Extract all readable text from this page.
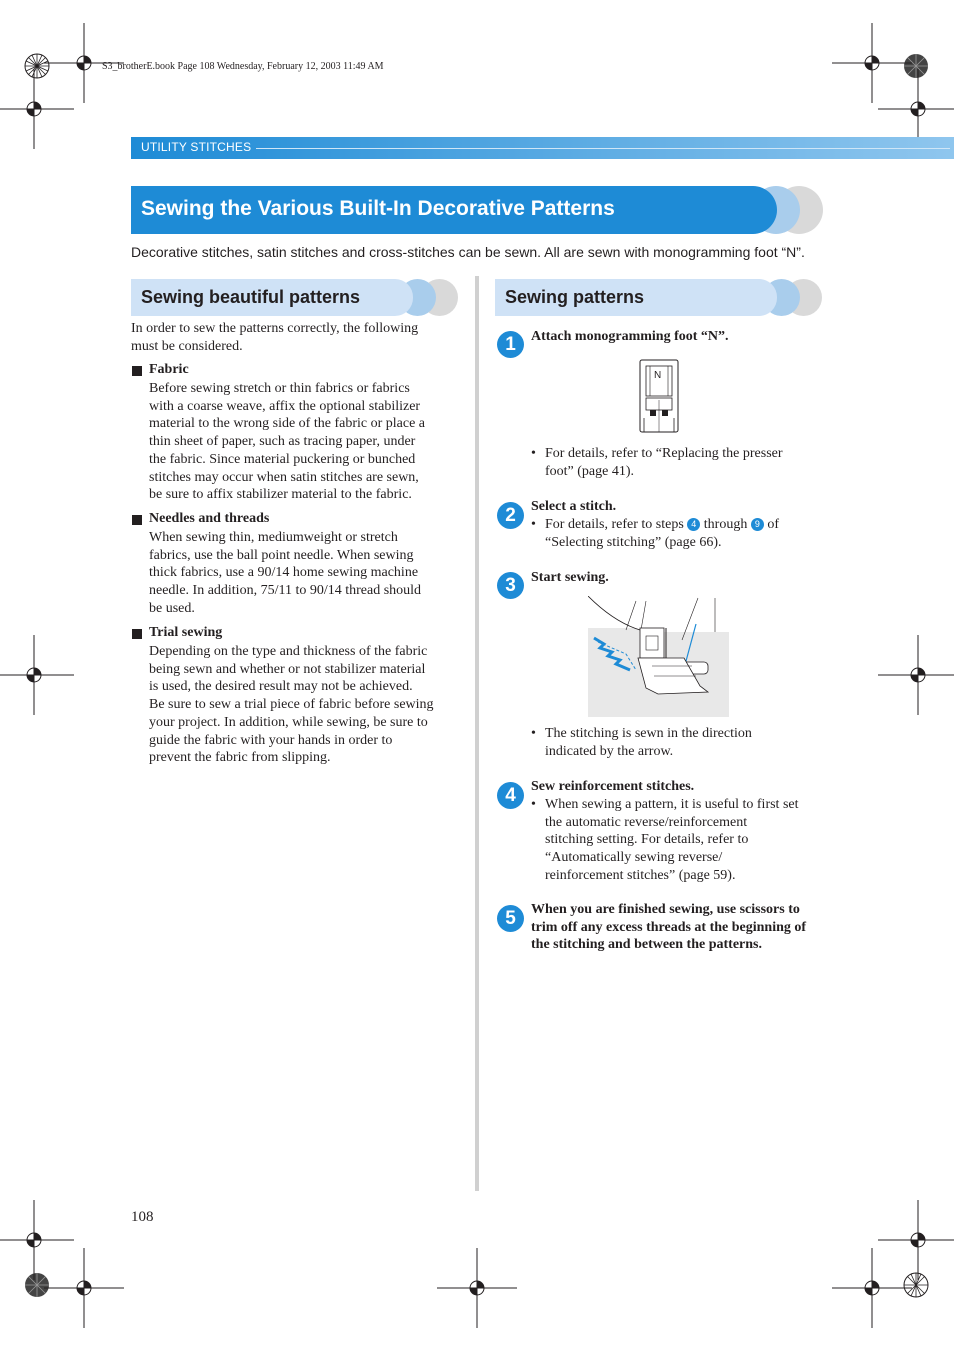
S3_brotherE.book Page 108 Wednesday, February 12, 2003 11:49 AM
UTILITY STITCHES
Sewing the Various Built-In Decorative Patterns
Decorative stitches, satin stitches and cross-stitches can be sewn. All are sewn with monogramming foot “N”.
Sewing beautiful patterns
In order to sew the patterns correctly, the following
must be considered.
Fabric
Before sewing stretch or thin fabrics or fabrics
with a coarse weave, affix the optional stabilizer
material to the wrong side of the fabric or place a
thin sheet of paper, such as tracing paper, under
the fabric. Since material puckering or bunched
stitches may occur when satin stitches are sewn,
be sure to affix stabilizer material to the fabric.
Needles and threads
When sewing thin, mediumweight or stretch
fabrics, use the ball point needle. When sewing
thick fabrics, use a 90/14 home sewing machine
needle. In addition, 75/11 to 90/14 thread should
be used.
Trial sewing
Depending on the type and thickness of the fabric
being sewn and whether or not stabilizer material
is used, the desired result may not be achieved.
Be sure to sew a trial piece of fabric before sewing
your project. In addition, while sewing, be sure to
guide the fabric with your hands in order to
prevent the fabric from slipping.
Sewing patterns
1	Attach monogramming foot “N”.
N
• For details, refer to “Replacing the presser
foot” (page 41).
2	Select a stitch.
• For details, refer to steps 4 through 9 of
“Selecting stitching” (page 66).
3	Start sewing.
• The stitching is sewn in the direction
indicated by the arrow.
4	Sew reinforcement stitches.
• When sewing a pattern, it is useful to first set
the automatic reverse/reinforcement
stitching setting. For details, refer to
“Automatically sewing reverse/
reinforcement stitches” (page 59).
5	When you are finished sewing, use scissors to
trim off any excess threads at the beginning of
the stitching and between the patterns.
108
